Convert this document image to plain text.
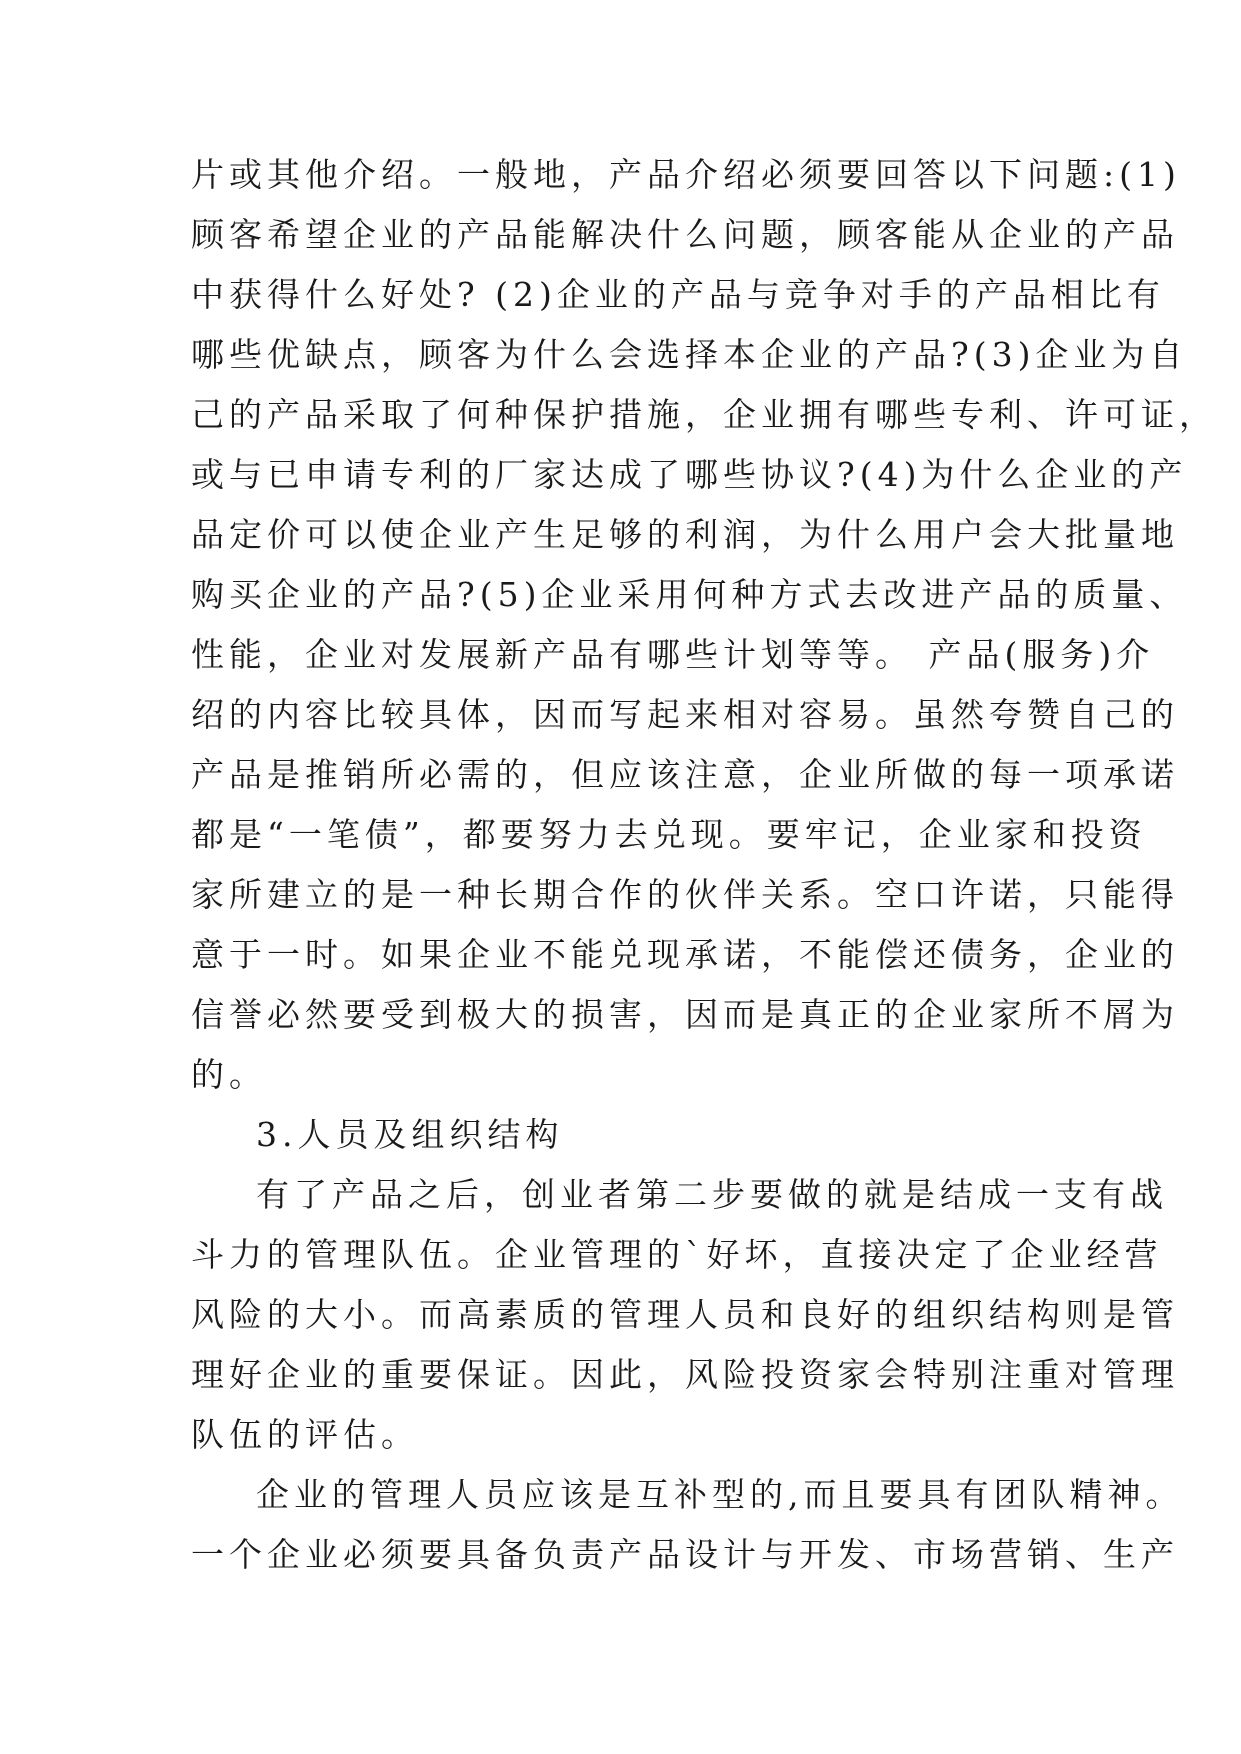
片或其他介绍。一般地，产品介绍必须要回答以下问题:(1)
顾客希望企业的产品能解决什么问题，顾客能从企业的产品
中获得什么好处? (2)企业的产品与竞争对手的产品相比有
哪些优缺点，顾客为什么会选择本企业的产品?(3)企业为自
己的产品采取了何种保护措施，企业拥有哪些专利、许可证，
或与已申请专利的厂家达成了哪些协议?(4)为什么企业的产
品定价可以使企业产生足够的利润，为什么用户会大批量地
购买企业的产品?(5)企业采用何种方式去改进产品的质量、
性能，企业对发展新产品有哪些计划等等。 产品(服务)介
绍的内容比较具体，因而写起来相对容易。虽然夸赞自己的
产品是推销所必需的，但应该注意，企业所做的每一项承诺
都是“一笔债”，都要努力去兑现。要牢记，企业家和投资
家所建立的是一种长期合作的伙伴关系。空口许诺，只能得
意于一时。如果企业不能兑现承诺，不能偿还债务，企业的
信誉必然要受到极大的损害，因而是真正的企业家所不屑为
的。
3.人员及组织结构
有了产品之后，创业者第二步要做的就是结成一支有战
斗力的管理队伍。企业管理的`好坏，直接决定了企业经营
风险的大小。而高素质的管理人员和良好的组织结构则是管
理好企业的重要保证。因此，风险投资家会特别注重对管理
队伍的评估。
企业的管理人员应该是互补型的,而且要具有团队精神。
一个企业必须要具备负责产品设计与开发、市场营销、生产
